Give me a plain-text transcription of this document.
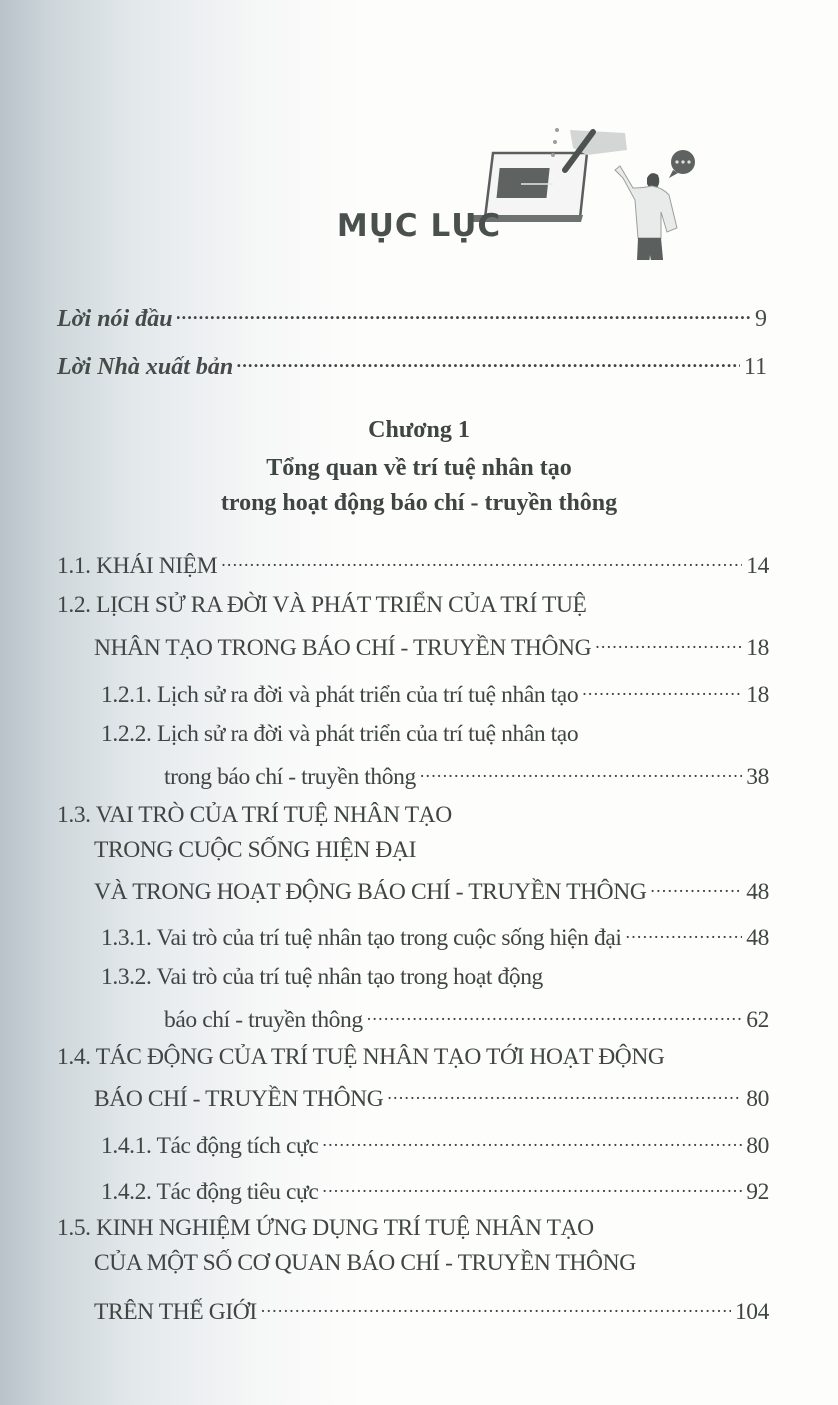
MỤC LỤC
Lời nói đầu .....	9
Lời Nhà xuất bản .....	11
Chương 1
Tổng quan về trí tuệ nhân tạo
trong hoạt động báo chí - truyền thông
1.1. KHÁI NIỆM .....	14
1.2. LỊCH SỬ RA ĐỜI VÀ PHÁT TRIỂN CỦA TRÍ TUỆ
NHÂN TẠO TRONG BÁO CHÍ - TRUYỀN THÔNG .....	18
1.2.1. Lịch sử ra đời và phát triển của trí tuệ nhân tạo .....	18
1.2.2. Lịch sử ra đời và phát triển của trí tuệ nhân tạo
trong báo chí - truyền thông .....	38
1.3. VAI TRÒ CỦA TRÍ TUỆ NHÂN TẠO
TRONG CUỘC SỐNG HIỆN ĐẠI
VÀ TRONG HOẠT ĐỘNG BÁO CHÍ - TRUYỀN THÔNG .....	48
1.3.1. Vai trò của trí tuệ nhân tạo trong cuộc sống hiện đại .....	48
1.3.2. Vai trò của trí tuệ nhân tạo trong hoạt động
báo chí - truyền thông .....	62
1.4. TÁC ĐỘNG CỦA TRÍ TUỆ NHÂN TẠO TỚI HOẠT ĐỘNG
BÁO CHÍ - TRUYỀN THÔNG .....	80
1.4.1. Tác động tích cực .....	80
1.4.2. Tác động tiêu cực .....	92
1.5. KINH NGHIỆM ỨNG DỤNG TRÍ TUỆ NHÂN TẠO
CỦA MỘT SỐ CƠ QUAN BÁO CHÍ - TRUYỀN THÔNG
TRÊN THẾ GIỚI .....	104
